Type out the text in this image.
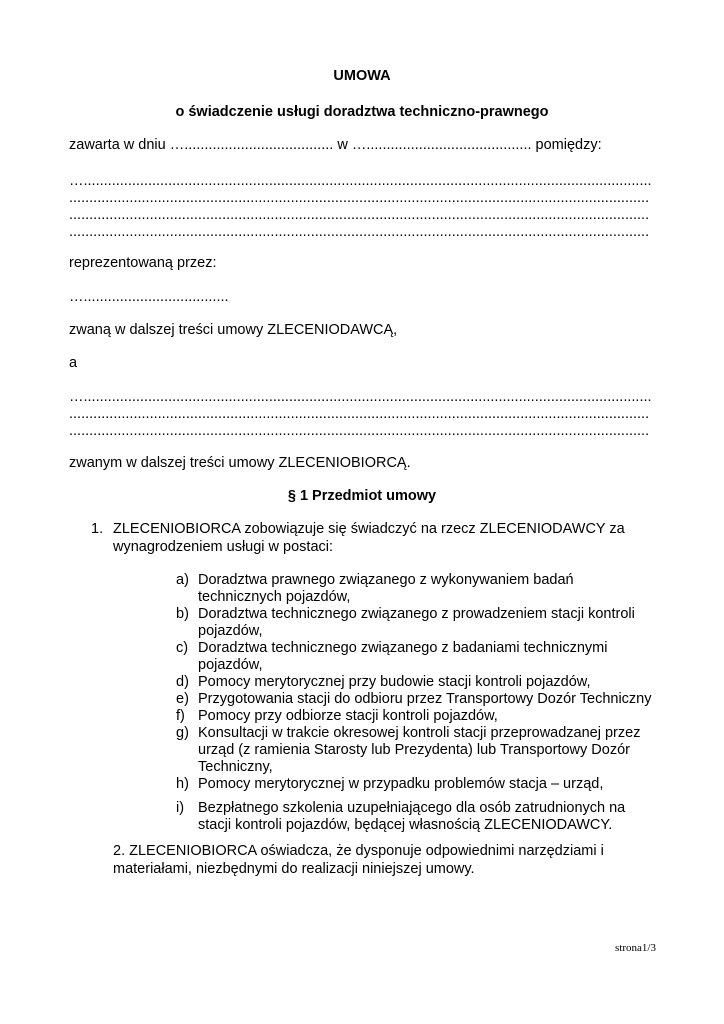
UMOWA
o świadczenie usługi doradztwa techniczno-prawnego
zawarta w dniu …..................................... w …......................................... pomiędzy:
….............................................................................................................................................
................................................................................................................................................
................................................................................................................................................
................................................................................................................................................
reprezentowaną przez:
…....................................
zwaną w dalszej treści umowy ZLECENIODAWCĄ,
a
….............................................................................................................................................
................................................................................................................................................
................................................................................................................................................
zwanym w dalszej treści umowy ZLECENIOBIORCĄ.
§ 1 Przedmiot umowy
1. ZLECENIOBIORCA zobowiązuje się świadczyć na rzecz ZLECENIODAWCY za
wynagrodzeniem usługi w postaci:
a) Doradztwa prawnego związanego z wykonywaniem badań
technicznych pojazdów,
b) Doradztwa technicznego związanego z prowadzeniem stacji kontroli
pojazdów,
c) Doradztwa technicznego związanego z badaniami technicznymi
pojazdów,
d) Pomocy merytorycznej przy budowie stacji kontroli pojazdów,
e) Przygotowania stacji do odbioru przez Transportowy Dozór Techniczny
f) Pomocy przy odbiorze stacji kontroli pojazdów,
g) Konsultacji w trakcie okresowej kontroli stacji przeprowadzanej przez
urząd (z ramienia Starosty lub Prezydenta) lub Transportowy Dozór
Techniczny,
h) Pomocy merytorycznej w przypadku problemów stacja – urząd,
i) Bezpłatnego szkolenia uzupełniającego dla osób zatrudnionych na
stacji kontroli pojazdów, będącej własnością ZLECENIODAWCY.
2. ZLECENIOBIORCA oświadcza, że dysponuje odpowiednimi narzędziami i
materiałami, niezbędnymi do realizacji niniejszej umowy.
strona1/3
